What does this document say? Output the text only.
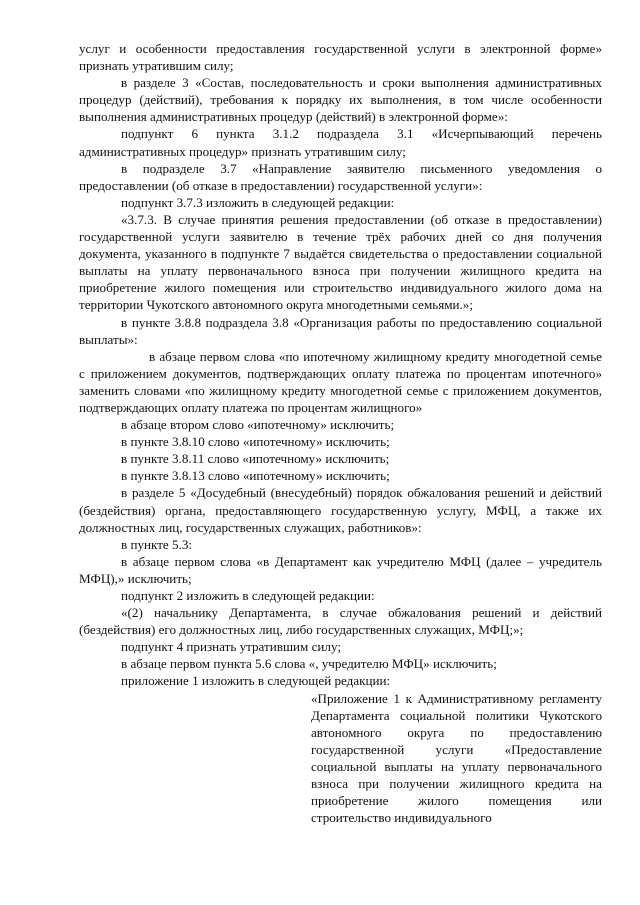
услуг и особенности предоставления государственной услуги в электронной форме» признать утратившим силу;

в разделе 3 «Состав, последовательность и сроки выполнения административных процедур (действий), требования к порядку их выполнения, в том числе особенности выполнения административных процедур (действий) в электронной форме»:

подпункт 6 пункта 3.1.2 подраздела 3.1 «Исчерпывающий перечень административных процедур» признать утратившим силу;

в подразделе 3.7 «Направление заявителю письменного уведомления о предоставлении (об отказе в предоставлении) государственной услуги»:

подпункт 3.7.3 изложить в следующей редакции:

«3.7.3. В случае принятия решения предоставлении (об отказе в предоставлении) государственной услуги заявителю в течение трёх рабочих дней со дня получения документа, указанного в подпункте 7 выдаётся свидетельства о предоставлении социальной выплаты на уплату первоначального взноса при получении жилищного кредита на приобретение жилого помещения или строительство индивидуального жилого дома на территории Чукотского автономного округа многодетными семьями.»;

в пункте 3.8.8 подраздела 3.8 «Организация работы по предоставлению социальной выплаты»:

в абзаце первом слова «по ипотечному жилищному кредиту многодетной семье с приложением документов, подтверждающих оплату платежа по процентам ипотечного» заменить словами «по жилищному кредиту многодетной семье с приложением документов, подтверждающих оплату платежа по процентам жилищного»

в абзаце втором слово «ипотечному» исключить;

в пункте 3.8.10 слово «ипотечному» исключить;

в пункте 3.8.11 слово «ипотечному» исключить;

в пункте 3.8.13 слово «ипотечному» исключить;

в разделе 5 «Досудебный (внесудебный) порядок обжалования решений и действий (бездействия) органа, предоставляющего государственную услугу, МФЦ, а также их должностных лиц, государственных служащих, работников»:

в пункте 5.3:

в абзаце первом слова «в Департамент как учредителю МФЦ (далее – учредитель МФЦ),» исключить;

подпункт 2 изложить в следующей редакции:

«(2) начальнику Департамента, в случае обжалования решений и действий (бездействия) его должностных лиц, либо государственных служащих, МФЦ;»;

подпункт 4 признать утратившим силу;

в абзаце первом пункта 5.6 слова «, учредителю МФЦ» исключить;

приложение 1 изложить в следующей редакции:

«Приложение 1 к Административному регламенту Департамента социальной политики Чукотского автономного округа по предоставлению государственной услуги «Предоставление социальной выплаты на уплату первоначального взноса при получении жилищного кредита на приобретение жилого помещения или строительство индивидуального
